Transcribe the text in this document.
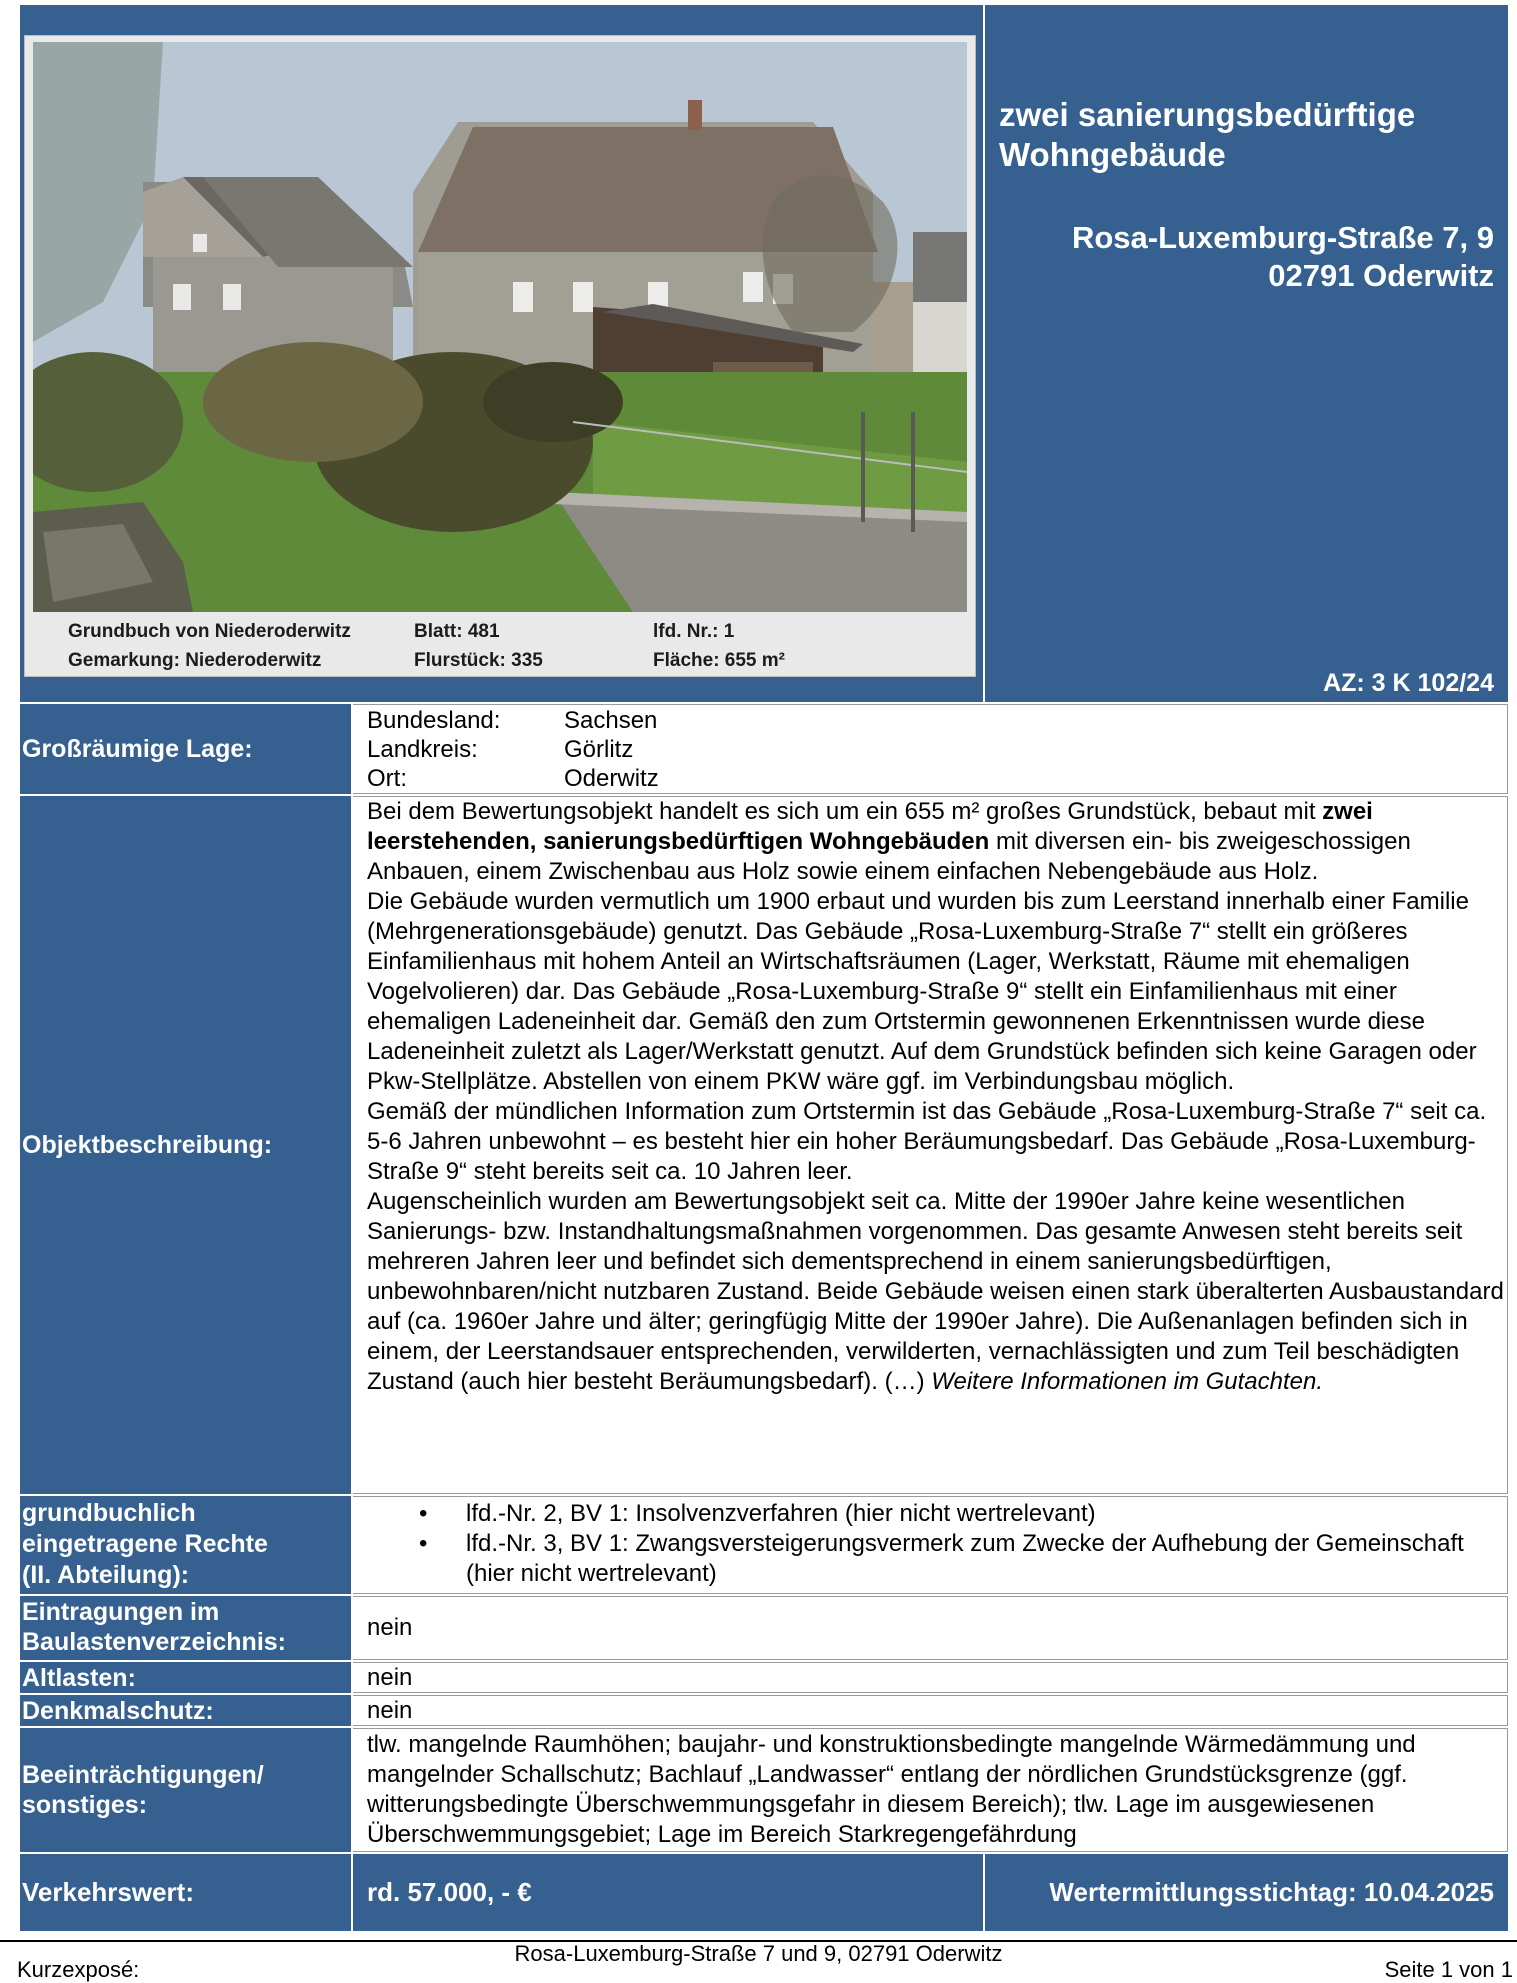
Grundbuch von Niederoderwitz	Blatt: 481	lfd. Nr.: 1
Gemarkung: Niederoderwitz	Flurstück: 335	Fläche: 655 m²
zwei sanierungsbedürftige
Wohngebäude
Rosa-Luxemburg-Straße 7, 9
02791 Oderwitz
AZ: 3 K 102/24
Großräumige Lage:
Bundesland:	Sachsen
Landkreis:	Görlitz
Ort:	Oderwitz
Objektbeschreibung:
Bei dem Bewertungsobjekt handelt es sich um ein 655 m² großes Grundstück, bebaut mit zwei leerstehenden, sanierungsbedürftigen Wohngebäuden mit diversen ein- bis zweigeschossigen Anbauen, einem Zwischenbau aus Holz sowie einem einfachen Nebengebäude aus Holz.
Die Gebäude wurden vermutlich um 1900 erbaut und wurden bis zum Leerstand innerhalb einer Familie (Mehrgenerationsgebäude) genutzt. Das Gebäude „Rosa-Luxemburg-Straße 7“ stellt ein größeres Einfamilienhaus mit hohem Anteil an Wirtschaftsräumen (Lager, Werkstatt, Räume mit ehemaligen Vogelvolieren) dar. Das Gebäude „Rosa-Luxemburg-Straße 9“ stellt ein Einfamilienhaus mit einer ehemaligen Ladeneinheit dar. Gemäß den zum Ortstermin gewonnenen Erkenntnissen wurde diese Ladeneinheit zuletzt als Lager/Werkstatt genutzt. Auf dem Grundstück befinden sich keine Garagen oder Pkw-Stellplätze. Abstellen von einem PKW wäre ggf. im Verbindungsbau möglich.
Gemäß der mündlichen Information zum Ortstermin ist das Gebäude „Rosa-Luxemburg-Straße 7“ seit ca. 5-6 Jahren unbewohnt – es besteht hier ein hoher Beräumungsbedarf. Das Gebäude „Rosa-Luxemburg-Straße 9“ steht bereits seit ca. 10 Jahren leer.
Augenscheinlich wurden am Bewertungsobjekt seit ca. Mitte der 1990er Jahre keine wesentlichen Sanierungs- bzw. Instandhaltungsmaßnahmen vorgenommen. Das gesamte Anwesen steht bereits seit mehreren Jahren leer und befindet sich dementsprechend in einem sanierungsbedürftigen, unbewohnbaren/nicht nutzbaren Zustand. Beide Gebäude weisen einen stark überalterten Ausbaustandard auf (ca. 1960er Jahre und älter; geringfügig Mitte der 1990er Jahre). Die Außenanlagen befinden sich in einem, der Leerstandsauer entsprechenden, verwilderten, vernachlässigten und zum Teil beschädigten Zustand (auch hier besteht Beräumungsbedarf). (…) Weitere Informationen im Gutachten.
grundbuchlich
eingetragene Rechte
(II. Abteilung):
• lfd.-Nr. 2, BV 1: Insolvenzverfahren (hier nicht wertrelevant)
• lfd.-Nr. 3, BV 1: Zwangsversteigerungsvermerk zum Zwecke der Aufhebung der Gemeinschaft (hier nicht wertrelevant)
Eintragungen im
Baulastenverzeichnis:
nein
Altlasten:	nein
Denkmalschutz:	nein
Beeinträchtigungen/
sonstiges:
tlw. mangelnde Raumhöhen; baujahr- und konstruktionsbedingte mangelnde Wärmedämmung und mangelnder Schallschutz; Bachlauf „Landwasser“ entlang der nördlichen Grundstücksgrenze (ggf. witterungsbedingte Überschwemmungsgefahr in diesem Bereich); tlw. Lage im ausgewiesenen Überschwemmungsgebiet; Lage im Bereich Starkregengefährdung
Verkehrswert:	rd. 57.000, - €	Wertermittlungsstichtag: 10.04.2025
Kurzexposé:
Rosa-Luxemburg-Straße 7 und 9, 02791 Oderwitz
Seite 1 von 1
